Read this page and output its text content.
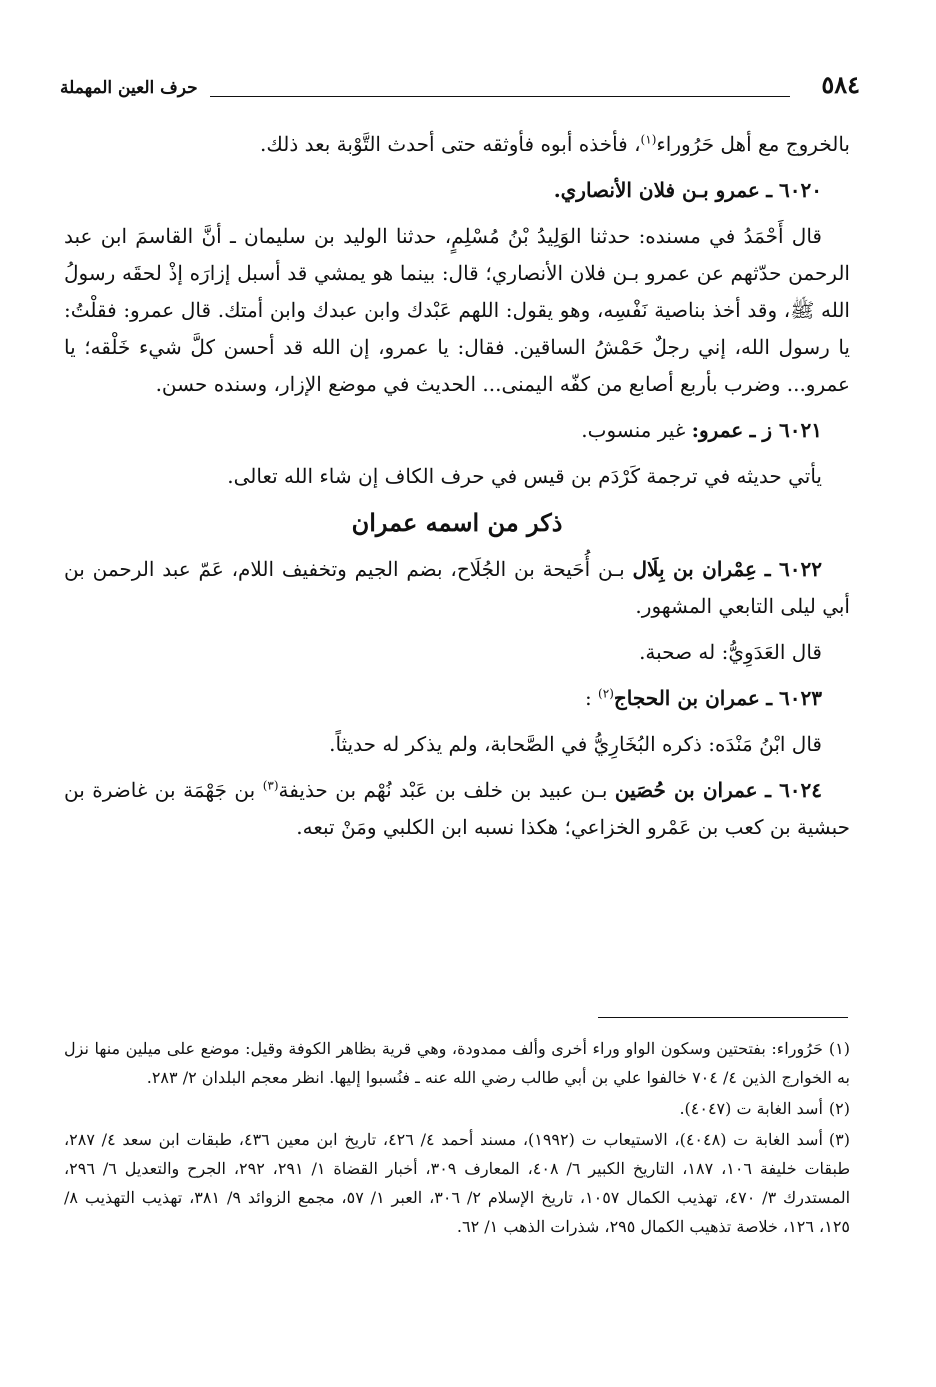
٥٨٤
حرف العين المهملة

بالخروج مع أهل حَرُوراء$^{(١)}$، فأخذه أبوه فأوثقه حتى أحدث التَّوْبة بعد ذلك.

٦٠٢٠ ـ عمرو بـن فلان الأنصاري.

قال أَحْمَدُ في مسنده: حدثنا الوَلِيدُ بْنُ مُسْلِمٍ، حدثنا الوليد بن سليمان ـ أنَّ القاسمَ ابن عبد الرحمن حدّثهم عن عمرو بـن فلان الأنصاري؛ قال: بينما هو يمشي قد أسبل إزارَه إذْ لحقَه رسولُ الله ﷺ، وقد أخذ بناصية نَفْسِه، وهو يقول: اللهم عَبْدك وابن عبدك وابن أمتك. قال عمرو: فقلْتُ: يا رسول الله، إني رجلٌ حَمْشُ الساقين. فقال: يا عمرو، إن الله قد أحسن كلَّ شيء خَلْقه؛ يا عمرو... وضرب بأربع أصابع من كفّه اليمنى... الحديث في موضع الإزار، وسنده حسن.

٦٠٢١ ز ـ عمرو: غير منسوب.

يأتي حديثه في ترجمة كَرْدَم بن قيس في حرف الكاف إن شاء الله تعالى.

ذكر من اسمه عمران

٦٠٢٢ ـ عِمْران بن بِلَال بـن أُحَيحة بن الجُلَاح، بضم الجيم وتخفيف اللام، عَمّ عبد الرحمن بن أبي ليلى التابعي المشهور.

قال العَدَوِيُّ: له صحبة.

٦٠٢٣ ـ عمران بن الحجاج$^{(٢)}$ :

قال ابْنُ مَنْدَه: ذكره البُخَارِيُّ في الصَّحابة، ولم يذكر له حديثاً.

٦٠٢٤ ـ عمران بن حُصَين بـن عبيد بن خلف بن عَبْد نُهْم بن حذيفة$^{(٣)}$ بن جَهْمَة بن غاضرة بن حبشية بن كعب بن عَمْرو الخزاعي؛ هكذا نسبه ابن الكلبي ومَنْ تبعه.

(١)حَرُوراء: بفتحتين وسكون الواو وراء أخرى وألف ممدودة، وهي قرية بظاهر الكوفة وقيل: موضع على ميلين منها نزل به الخوارج الذين ٤/ ٧٠٤ خالفوا علي بن أبي طالب رضي الله عنه ـ فنُسبوا إليها. انظر معجم البلدان ٢/ ٢٨٣.

(٢)أسد الغابة ت (٤٠٤٧).

(٣)أسد الغابة ت (٤٠٤٨)، الاستيعاب ت (١٩٩٢)، مسند أحمد ٤/ ٤٢٦، تاريخ ابن معين ٤٣٦، طبقات ابن سعد ٤/ ٢٨٧، طبقات خليفة ١٠٦، ١٨٧، التاريخ الكبير ٦/ ٤٠٨، المعارف ٣٠٩، أخبار القضاة ١/ ٢٩١، ٢٩٢، الجرح والتعديل ٦/ ٢٩٦، المستدرك ٣/ ٤٧٠، تهذيب الكمال ١٠٥٧، تاريخ الإسلام ٢/ ٣٠٦، العبر ١/ ٥٧، مجمع الزوائد ٩/ ٣٨١، تهذيب التهذيب ٨/ ١٢٥، ١٢٦، خلاصة تذهيب الكمال ٢٩٥، شذرات الذهب ١/ ٦٢.
